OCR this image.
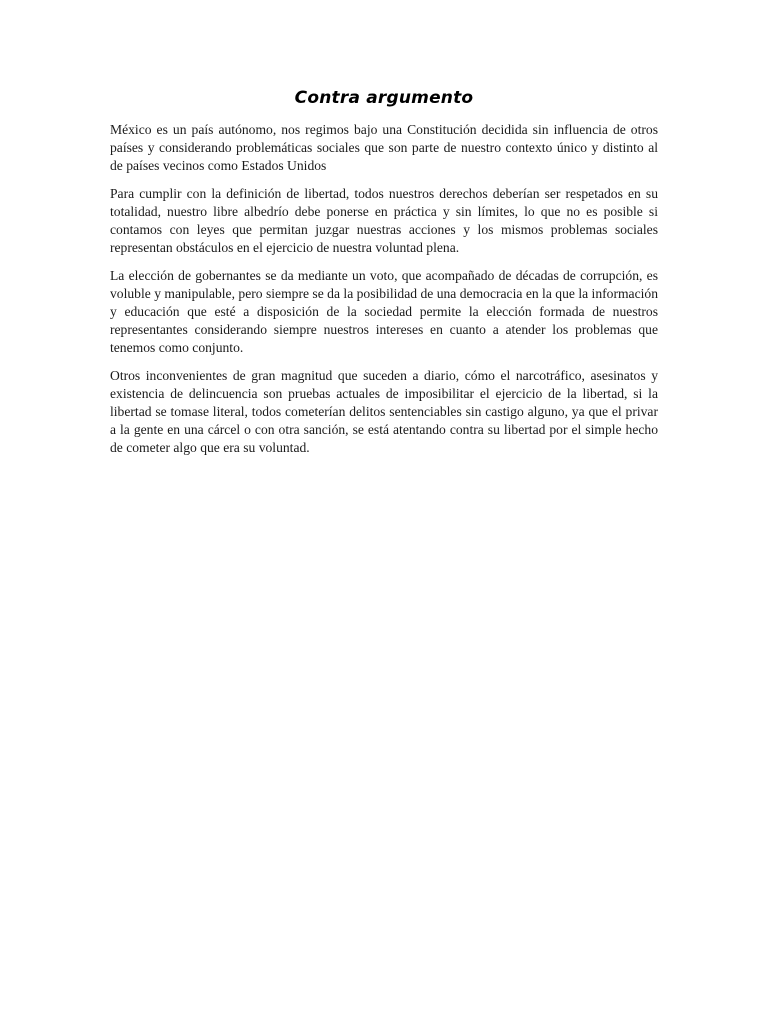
Contra argumento

México es un país autónomo, nos regimos bajo una Constitución decidida sin influencia de otros países y considerando problemáticas sociales que son parte de nuestro contexto único y distinto al de países vecinos como Estados Unidos

Para cumplir con la definición de libertad, todos nuestros derechos deberían ser respetados en su totalidad, nuestro libre albedrío debe ponerse en práctica y sin límites, lo que no es posible si contamos con leyes que permitan juzgar nuestras acciones y los mismos problemas sociales representan obstáculos en el ejercicio de nuestra voluntad plena.

La elección de gobernantes se da mediante un voto, que acompañado de décadas de corrupción, es voluble y manipulable, pero siempre se da la posibilidad de una democracia en la que la información y educación que esté a disposición de la sociedad permite la elección formada de nuestros representantes considerando siempre nuestros intereses en cuanto a atender los problemas que tenemos como conjunto.

Otros inconvenientes de gran magnitud que suceden a diario, cómo el narcotráfico, asesinatos y existencia de delincuencia son pruebas actuales de imposibilitar el ejercicio de la libertad, si la libertad se tomase literal, todos cometerían delitos sentenciables sin castigo alguno, ya que el privar a la gente en una cárcel o con otra sanción, se está atentando contra su libertad por el simple hecho de cometer algo que era su voluntad.
